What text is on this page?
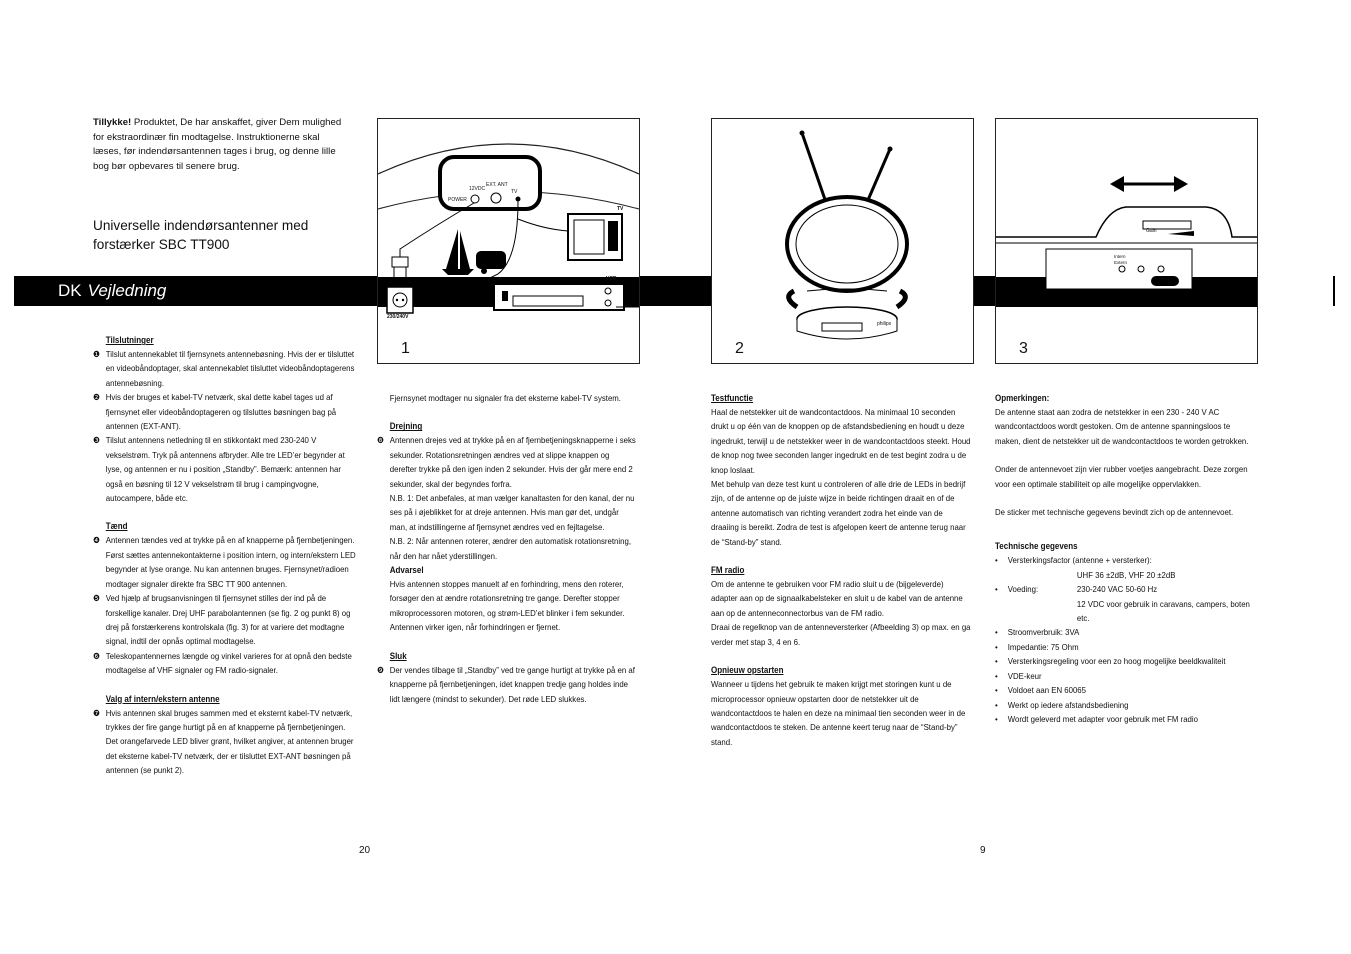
Tillykke! Produktet, De har anskaffet, giver Dem mulighed for ekstraordinær fin modtagelse. Instruktionerne skal læses, før indendørsantennen tages i brug, og denne lille bog bør opbevares til senere brug.
Universelle indendørsantenner med forstærker SBC TT900
DK Vejledning
POWER
12VDC
EXT. ANT
TV
TV
VCR
230/240V
1
philips
2
Gain
Intern
Extern
3
Tilslutninger
❶ Tilslut antennekablet til fjernsynets antennebøsning. Hvis der er tilsluttet en videobåndoptager, skal antennekablet tilsluttet videobåndoptagerens antennebøsning.
❷ Hvis der bruges et kabel-TV netværk, skal dette kabel tages ud af fjernsynet eller videobåndoptageren og tilsluttes bøsningen bag på antennen (EXT-ANT).
❸ Tilslut antennens netledning til en stikkontakt med 230-240 V vekselstrøm. Tryk på antennens afbryder. Alle tre LED’er begynder at lyse, og antennen er nu i position „Standby”. Bemærk: antennen har også en bøsning til 12 V vekselstrøm til brug i campingvogne, autocampere, både etc.
Tænd
❹ Antennen tændes ved at trykke på en af knapperne på fjernbetjeningen. Først sættes antennekontakterne i position intern, og intern/ekstern LED begynder at lyse orange. Nu kan antennen bruges. Fjernsynet/radioen modtager signaler direkte fra SBC TT 900 antennen.
❺ Ved hjælp af brugsanvisningen til fjernsynet stilles der ind på de forskellige kanaler. Drej UHF parabolantennen (se fig. 2 og punkt 8) og drej på forstærkerens kontrolskala (fig. 3) for at variere det modtagne signal, indtil der opnås optimal modtagelse.
❻ Teleskopantennernes længde og vinkel varieres for at opnå den bedste modtagelse af VHF signaler og FM radio-signaler.
Valg af intern/ekstern antenne
❼ Hvis antennen skal bruges sammen med et eksternt kabel-TV netværk, trykkes der fire gange hurtigt på en af knapperne på fjernbetjeningen. Det orangefarvede LED bliver grønt, hvilket angiver, at antennen bruger det eksterne kabel-TV netværk, der er tilsluttet EXT-ANT bøsningen på antennen (se punkt 2).
Fjernsynet modtager nu signaler fra det eksterne kabel-TV system.
Drejning
❽ Antennen drejes ved at trykke på en af fjernbetjeningsknapperne i seks sekunder. Rotationsretningen ændres ved at slippe knappen og derefter trykke på den igen inden 2 sekunder. Hvis der går mere end 2 sekunder, skal der begyndes forfra.
N.B. 1: Det anbefales, at man vælger kanaltasten for den kanal, der nu ses på i øjeblikket for at dreje antennen. Hvis man gør det, undgår man, at indstillingerne af fjernsynet ændres ved en fejltagelse.
N.B. 2: Når antennen roterer, ændrer den automatisk rotationsretning, når den har nået yderstillingen.
Advarsel
Hvis antennen stoppes manuelt af en forhindring, mens den roterer, forsøger den at ændre rotationsretning tre gange. Derefter stopper mikroprocessoren motoren, og strøm-LED’et blinker i fem sekunder. Antennen virker igen, når forhindringen er fjernet.
Sluk
❾ Der vendes tilbage til „Standby” ved tre gange hurtigt at trykke på en af knapperne på fjernbetjeningen, idet knappen tredje gang holdes inde lidt længere (mindst to sekunder). Det røde LED slukkes.
Testfunctie
Haal de netstekker uit de wandcontactdoos. Na minimaal 10 seconden drukt u op één van de knoppen op de afstandsbediening en houdt u deze ingedrukt, terwijl u de netstekker weer in de wandcontactdoos steekt. Houd de knop nog twee seconden langer ingedrukt en de test begint zodra u de knop loslaat.
Met behulp van deze test kunt u controleren of alle drie de LEDs in bedrijf zijn, of de antenne op de juiste wijze in beide richtingen draait en of de antenne automatisch van richting verandert zodra het einde van de draaiing is bereikt. Zodra de test is afgelopen keert de antenne terug naar de “Stand-by” stand.
FM radio
Om de antenne te gebruiken voor FM radio sluit u de (bijgeleverde) adapter aan op de signaalkabelsteker en sluit u de kabel van de antenne aan op de antenneconnectorbus van de FM radio.
Draai de regelknop van de antenneversterker (Afbeelding 3) op max. en ga verder met stap 3, 4 en 6.
Opnieuw opstarten
Wanneer u tijdens het gebruik te maken krijgt met storingen kunt u de microprocessor opnieuw opstarten door de netstekker uit de wandcontactdoos te halen en deze na minimaal tien seconden weer in de wandcontactdoos te steken. De antenne keert terug naar de “Stand-by” stand.
Opmerkingen:
De antenne staat aan zodra de netstekker in een 230 - 240 V AC wandcontactdoos wordt gestoken. Om de antenne spanningsloos te maken, dient de netstekker uit de wandcontactdoos te worden getrokken.
Onder de antennevoet zijn vier rubber voetjes aangebracht. Deze zorgen voor een optimale stabiliteit op alle mogelijke oppervlakken.
De sticker met technische gegevens bevindt zich op de antennevoet.
Technische gegevens
• Versterkingsfactor (antenne + versterker):
UHF 36 ±2dB, VHF 20 ±2dB
•	Voeding:	230-240 VAC 50-60 Hz
12 VDC voor gebruik in caravans, campers, boten etc.
• Stroomverbruik: 3VA
• Impedantie: 75 Ohm
• Versterkingsregeling voor een zo hoog mogelijke beeldkwaliteit
• VDE-keur
• Voldoet aan EN 60065
• Werkt op iedere afstandsbediening
• Wordt geleverd met adapter voor gebruik met FM radio
20	9
